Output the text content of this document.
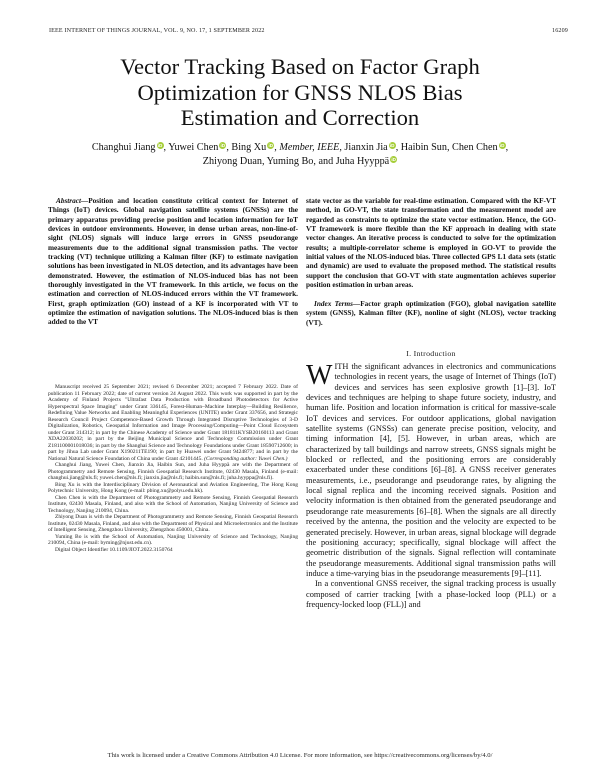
IEEE INTERNET OF THINGS JOURNAL, VOL. 9, NO. 17, 1 SEPTEMBER 2022	16209
Vector Tracking Based on Factor Graph
Optimization for GNSS NLOS Bias
Estimation and Correction
Changhui Jiang iD, Yuwei Chen iD, Bing Xu iD, Member, IEEE, Jianxin Jia iD, Haibin Sun, Chen Chen iD,
Zhiyong Duan, Yuming Bo, and Juha Hyyppä iD
Abstract—Position and location constitute critical context for Internet of Things (IoT) devices. Global navigation satellite systems (GNSSs) are the primary apparatus providing precise position and location information for IoT devices in outdoor environments. However, in dense urban areas, non-line-of-sight (NLOS) signals will induce large errors in GNSS pseudorange measurements due to the additional signal transmission paths. The vector tracking (VT) technique utilizing a Kalman filter (KF) to estimate navigation solutions has been investigated in NLOS detection, and its advantages have been demonstrated. However, the estimation of NLOS-induced bias has not been thoroughly investigated in the VT framework. In this article, we focus on the estimation and correction of NLOS-induced errors within the VT framework. First, graph optimization (GO) instead of a KF is incorporated with VT to optimize the estimation of navigation solutions. The NLOS-induced bias is then added to the VT
state vector as the variable for real-time estimation. Compared with the KF-VT method, in GO-VT, the state transformation and the measurement model are regarded as constraints to optimize the state vector estimation. Hence, the GO-VT framework is more flexible than the KF approach in dealing with state vector changes. An iterative process is conducted to solve for the optimization results; a multiple-correlator scheme is employed in GO-VT to provide the initial values of the NLOS-induced bias. Three collected GPS L1 data sets (static and dynamic) are used to evaluate the proposed method. The statistical results support the conclusion that GO-VT with state augmentation achieves superior position estimation in urban areas.
Index Terms—Factor graph optimization (FGO), global navigation satellite system (GNSS), Kalman filter (KF), nonline of sight (NLOS), vector tracking (VT).

Manuscript received 25 September 2021; revised 6 December 2021; accepted 7 February 2022. Date of publication 11 February 2022; date of current version 24 August 2022. This work was supported in part by the Academy of Finland Projects "Ultrafast Data Production with Broadband Photodetectors for Active Hyperspectral Space Imaging" under Grant 336145, Forest-Human–Machine Interplay—Building Resilience, Redefining Value Networks and Enabling Meaningful Experiences (UNITE) under Grant 337656, and Strategic Research Council Project Competence-Based Growth Through Integrated Disruptive Technologies of 3-D Digitalization, Robotics, Geospatial Information and Image Processing/Computing—Point Cloud Ecosystem under Grant 314312; in part by the Chinese Academy of Science under Grant 181811KYSB20160113 and Grant XDA22030202; in part by the Beijing Municipal Science and Technology Commission under Grant Z181100001018036; in part by the Shanghai Science and Technology Foundations under Grant 18590712600; in part by Jihua Lab under Grant X190211TE190; in part by Huawei under Grant 9424877; and in part by the National Natural Science Foundation of China under Grant 42101445. (Corresponding author: Yuwei Chen.)

Changhui Jiang, Yuwei Chen, Jianxin Jia, Haibin Sun, and Juha Hyyppä are with the Department of Photogrammetry and Remote Sensing, Finnish Geospatial Research Institute, 02430 Masala, Finland (e-mail: changhui.jiang@nls.fi; yuwei.chen@nls.fi; jianxin.jia@nls.fi; haibin.sun@nls.fi; juha.hyyppa@nls.fi).

Bing Xu is with the Interdisciplinary Division of Aeronautical and Aviation Engineering, The Hong Kong Polytechnic University, Hong Kong (e-mail: pbing.xu@polyu.edu.hk).

Chen Chen is with the Department of Photogrammetry and Remote Sensing, Finnish Geospatial Research Institute, 02430 Masala, Finland, and also with the School of Automation, Nanjing University of Science and Technology, Nanjing 210094, China.

Zhiyong Duan is with the Department of Photogrammetry and Remote Sensing, Finnish Geospatial Research Institute, 02430 Masala, Finland, and also with the Department of Physical and Microelectronics and the Institute of Intelligent Sensing, Zhengzhou University, Zhengzhou 450001, China.

Yuming Bo is with the School of Automation, Nanjing University of Science and Technology, Nanjing 210094, China (e-mail: byming@njust.edu.cn).

Digital Object Identifier 10.1109/JIOT.2022.3150764

I. Introduction

WITH the significant advances in electronics and communications technologies in recent years, the usage of Internet of Things (IoT) devices and services has seen explosive growth [1]–[3]. IoT devices and techniques are helping to shape future society, industry, and human life. Position and location information is critical for massive-scale IoT devices and services. For outdoor applications, global navigation satellite systems (GNSSs) can generate precise position, velocity, and timing information [4], [5]. However, in urban areas, which are characterized by tall buildings and narrow streets, GNSS signals might be blocked or reflected, and the positioning errors are considerably exacerbated under these conditions [6]–[8]. A GNSS receiver generates measurements, i.e., pseudorange and pseudorange rates, by aligning the local signal replica and the incoming received signals. Position and velocity information is then obtained from the generated pseudorange and pseudorange rate measurements [6]–[8]. When the signals are all directly received by the antenna, the position and the velocity are expected to be generated precisely. However, in urban areas, signal blockage will degrade the positioning accuracy; specifically, signal blockage will affect the geometric distribution of the signals. Signal reflection will contaminate the pseudorange measurements. Additional signal transmission paths will induce a time-varying bias in the pseudorange measurements [9]–[11].

In a conventional GNSS receiver, the signal tracking process is usually composed of carrier tracking [with a phase-locked loop (PLL) or a frequency-locked loop (FLL)] and

This work is licensed under a Creative Commons Attribution 4.0 License. For more information, see https://creativecommons.org/licenses/by/4.0/
